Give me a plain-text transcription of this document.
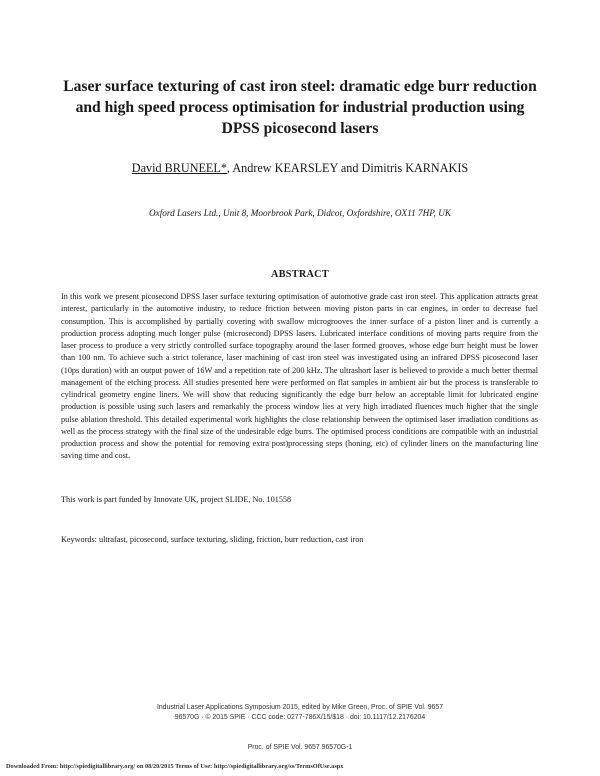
Laser surface texturing of cast iron steel: dramatic edge burr reduction and high speed process optimisation for industrial production using DPSS picosecond lasers
David BRUNEEL*, Andrew KEARSLEY and Dimitris KARNAKIS
Oxford Lasers Ltd., Unit 8, Moorbrook Park, Didcot, Oxfordshire, OX11 7HP, UK
ABSTRACT

In this work we present picosecond DPSS laser surface texturing optimisation of automotive grade cast iron steel. This application attracts great interest, particularly in the automotive industry, to reduce friction between moving piston parts in car engines, in order to decrease fuel consumption. This is accomplished by partially covering with swallow microgrooves the inner surface of a piston liner and is currently a production process adopting much longer pulse (microsecond) DPSS lasers. Lubricated interface conditions of moving parts require from the laser process to produce a very strictly controlled surface topography around the laser formed grooves, whose edge burr height must be lower than 100 nm. To achieve such a strict tolerance, laser machining of cast iron steel was investigated using an infrared DPSS picosecond laser (10ps duration) with an output power of 16W and a repetition rate of 200 kHz. The ultrashort laser is believed to provide a much better thermal management of the etching process. All studies presented here were performed on flat samples in ambient air but the process is transferable to cylindrical geometry engine liners. We will show that reducing significantly the edge burr below an acceptable limit for lubricated engine production is possible using such lasers and remarkably the process window lies at very high irradiated fluences much higher that the single pulse ablation threshold. This detailed experimental work highlights the close relationship between the optimised laser irradiation conditions as well as the process strategy with the final size of the undesirable edge burrs. The optimised process conditions are compatible with an industrial production process and show the potential for removing extra post)processing steps (honing, etc) of cylinder liners on the manufacturing line saving time and cost.

This work is part funded by Innovate UK, project SLIDE, No. 101558

Keywords: ultrafast, picosecond, surface texturing, sliding, friction, burr reduction, cast iron

Industrial Laser Applications Symposium 2015, edited by Mike Green, Proc. of SPIE Vol. 9657
96570G · © 2015 SPIE · CCC code: 0277-786X/15/$18 · doi: 10.1117/12.2176204
Proc. of SPIE Vol. 9657 96570G-1
Downloaded From: http://spiedigitallibrary.org/ on 08/20/2015 Terms of Use: http://spiedigitallibrary.org/ss/TermsOfUse.aspx
